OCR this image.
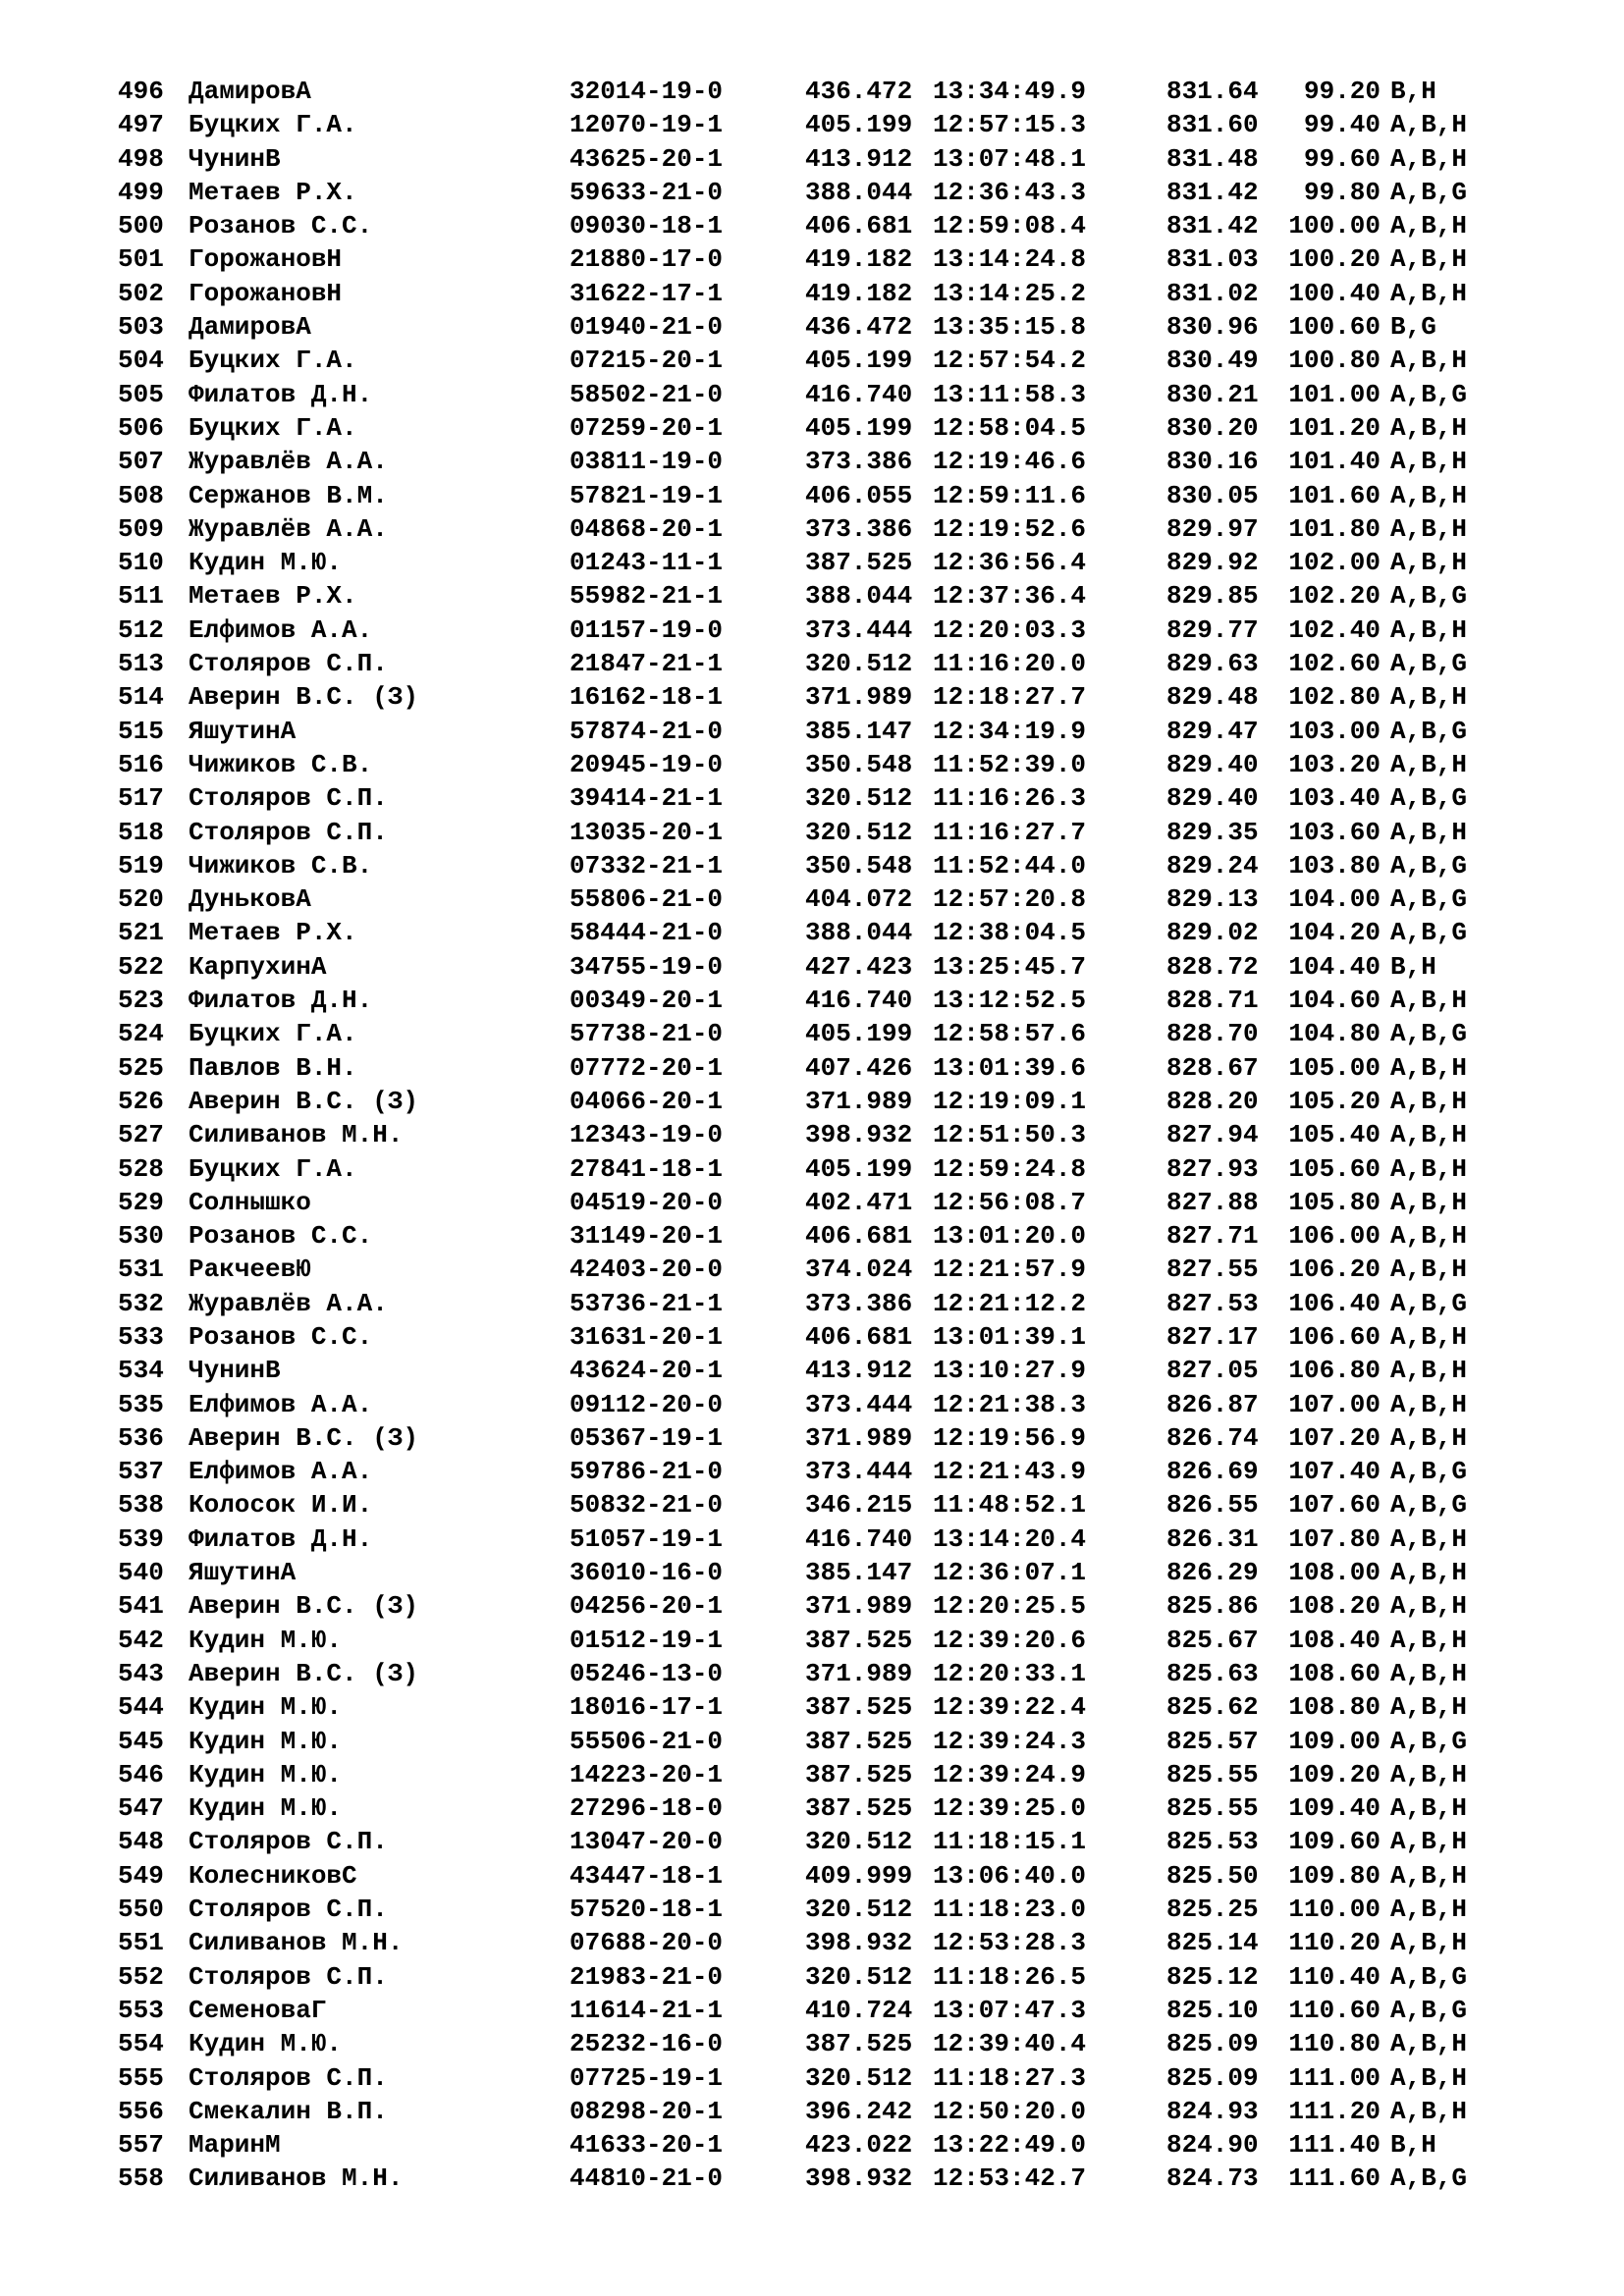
496 ДамировА	32014-19-0	436.472 13:34:49.9	831.64	99.20 B,H
497 Буцких Г.А.	12070-19-1	405.199 12:57:15.3	831.60	99.40 A,B,H
498 ЧунинВ	43625-20-1	413.912 13:07:48.1	831.48	99.60 A,B,H
499 Метаев Р.Х.	59633-21-0	388.044 12:36:43.3	831.42	99.80 A,B,G
500 Розанов С.С.	09030-18-1	406.681 12:59:08.4	831.42	100.00 A,B,H
501 ГорожановН	21880-17-0	419.182 13:14:24.8	831.03	100.20 A,B,H
502 ГорожановН	31622-17-1	419.182 13:14:25.2	831.02	100.40 A,B,H
503 ДамировА	01940-21-0	436.472 13:35:15.8	830.96	100.60 B,G
504 Буцких Г.А.	07215-20-1	405.199 12:57:54.2	830.49	100.80 A,B,H
505 Филатов Д.Н.	58502-21-0	416.740 13:11:58.3	830.21	101.00 A,B,G
506 Буцких Г.А.	07259-20-1	405.199 12:58:04.5	830.20	101.20 A,B,H
507 Журавлёв А.А.	03811-19-0	373.386 12:19:46.6	830.16	101.40 A,B,H
508 Сержанов В.М.	57821-19-1	406.055 12:59:11.6	830.05	101.60 A,B,H
509 Журавлёв А.А.	04868-20-1	373.386 12:19:52.6	829.97	101.80 A,B,H
510 Кудин М.Ю.	01243-11-1	387.525 12:36:56.4	829.92	102.00 A,B,H
511 Метаев Р.Х.	55982-21-1	388.044 12:37:36.4	829.85	102.20 A,B,G
512 Елфимов А.А.	01157-19-0	373.444 12:20:03.3	829.77	102.40 A,B,H
513 Столяров С.П.	21847-21-1	320.512 11:16:20.0	829.63	102.60 A,B,G
514 Аверин В.С. (З)	16162-18-1	371.989 12:18:27.7	829.48	102.80 A,B,H
515 ЯшутинА	57874-21-0	385.147 12:34:19.9	829.47	103.00 A,B,G
516 Чижиков С.В.	20945-19-0	350.548 11:52:39.0	829.40	103.20 A,B,H
517 Столяров С.П.	39414-21-1	320.512 11:16:26.3	829.40	103.40 A,B,G
518 Столяров С.П.	13035-20-1	320.512 11:16:27.7	829.35	103.60 A,B,H
519 Чижиков С.В.	07332-21-1	350.548 11:52:44.0	829.24	103.80 A,B,G
520 ДуньковА	55806-21-0	404.072 12:57:20.8	829.13	104.00 A,B,G
521 Метаев Р.Х.	58444-21-0	388.044 12:38:04.5	829.02	104.20 A,B,G
522 КарпухинА	34755-19-0	427.423 13:25:45.7	828.72	104.40 B,H
523 Филатов Д.Н.	00349-20-1	416.740 13:12:52.5	828.71	104.60 A,B,H
524 Буцких Г.А.	57738-21-0	405.199 12:58:57.6	828.70	104.80 A,B,G
525 Павлов В.Н.	07772-20-1	407.426 13:01:39.6	828.67	105.00 A,B,H
526 Аверин В.С. (З)	04066-20-1	371.989 12:19:09.1	828.20	105.20 A,B,H
527 Силиванов М.Н.	12343-19-0	398.932 12:51:50.3	827.94	105.40 A,B,H
528 Буцких Г.А.	27841-18-1	405.199 12:59:24.8	827.93	105.60 A,B,H
529 Солнышко	04519-20-0	402.471 12:56:08.7	827.88	105.80 A,B,H
530 Розанов С.С.	31149-20-1	406.681 13:01:20.0	827.71	106.00 A,B,H
531 РакчеевЮ	42403-20-0	374.024 12:21:57.9	827.55	106.20 A,B,H
532 Журавлёв А.А.	53736-21-1	373.386 12:21:12.2	827.53	106.40 A,B,G
533 Розанов С.С.	31631-20-1	406.681 13:01:39.1	827.17	106.60 A,B,H
534 ЧунинВ	43624-20-1	413.912 13:10:27.9	827.05	106.80 A,B,H
535 Елфимов А.А.	09112-20-0	373.444 12:21:38.3	826.87	107.00 A,B,H
536 Аверин В.С. (З)	05367-19-1	371.989 12:19:56.9	826.74	107.20 A,B,H
537 Елфимов А.А.	59786-21-0	373.444 12:21:43.9	826.69	107.40 A,B,G
538 Колосок И.И.	50832-21-0	346.215 11:48:52.1	826.55	107.60 A,B,G
539 Филатов Д.Н.	51057-19-1	416.740 13:14:20.4	826.31	107.80 A,B,H
540 ЯшутинА	36010-16-0	385.147 12:36:07.1	826.29	108.00 A,B,H
541 Аверин В.С. (З)	04256-20-1	371.989 12:20:25.5	825.86	108.20 A,B,H
542 Кудин М.Ю.	01512-19-1	387.525 12:39:20.6	825.67	108.40 A,B,H
543 Аверин В.С. (З)	05246-13-0	371.989 12:20:33.1	825.63	108.60 A,B,H
544 Кудин М.Ю.	18016-17-1	387.525 12:39:22.4	825.62	108.80 A,B,H
545 Кудин М.Ю.	55506-21-0	387.525 12:39:24.3	825.57	109.00 A,B,G
546 Кудин М.Ю.	14223-20-1	387.525 12:39:24.9	825.55	109.20 A,B,H
547 Кудин М.Ю.	27296-18-0	387.525 12:39:25.0	825.55	109.40 A,B,H
548 Столяров С.П.	13047-20-0	320.512 11:18:15.1	825.53	109.60 A,B,H
549 КолесниковС	43447-18-1	409.999 13:06:40.0	825.50	109.80 A,B,H
550 Столяров С.П.	57520-18-1	320.512 11:18:23.0	825.25	110.00 A,B,H
551 Силиванов М.Н.	07688-20-0	398.932 12:53:28.3	825.14	110.20 A,B,H
552 Столяров С.П.	21983-21-0	320.512 11:18:26.5	825.12	110.40 A,B,G
553 СеменоваГ	11614-21-1	410.724 13:07:47.3	825.10	110.60 A,B,G
554 Кудин М.Ю.	25232-16-0	387.525 12:39:40.4	825.09	110.80 A,B,H
555 Столяров С.П.	07725-19-1	320.512 11:18:27.3	825.09	111.00 A,B,H
556 Смекалин В.П.	08298-20-1	396.242 12:50:20.0	824.93	111.20 A,B,H
557 МаринМ	41633-20-1	423.022 13:22:49.0	824.90	111.40 B,H
558 Силиванов М.Н.	44810-21-0	398.932 12:53:42.7	824.73	111.60 A,B,G
